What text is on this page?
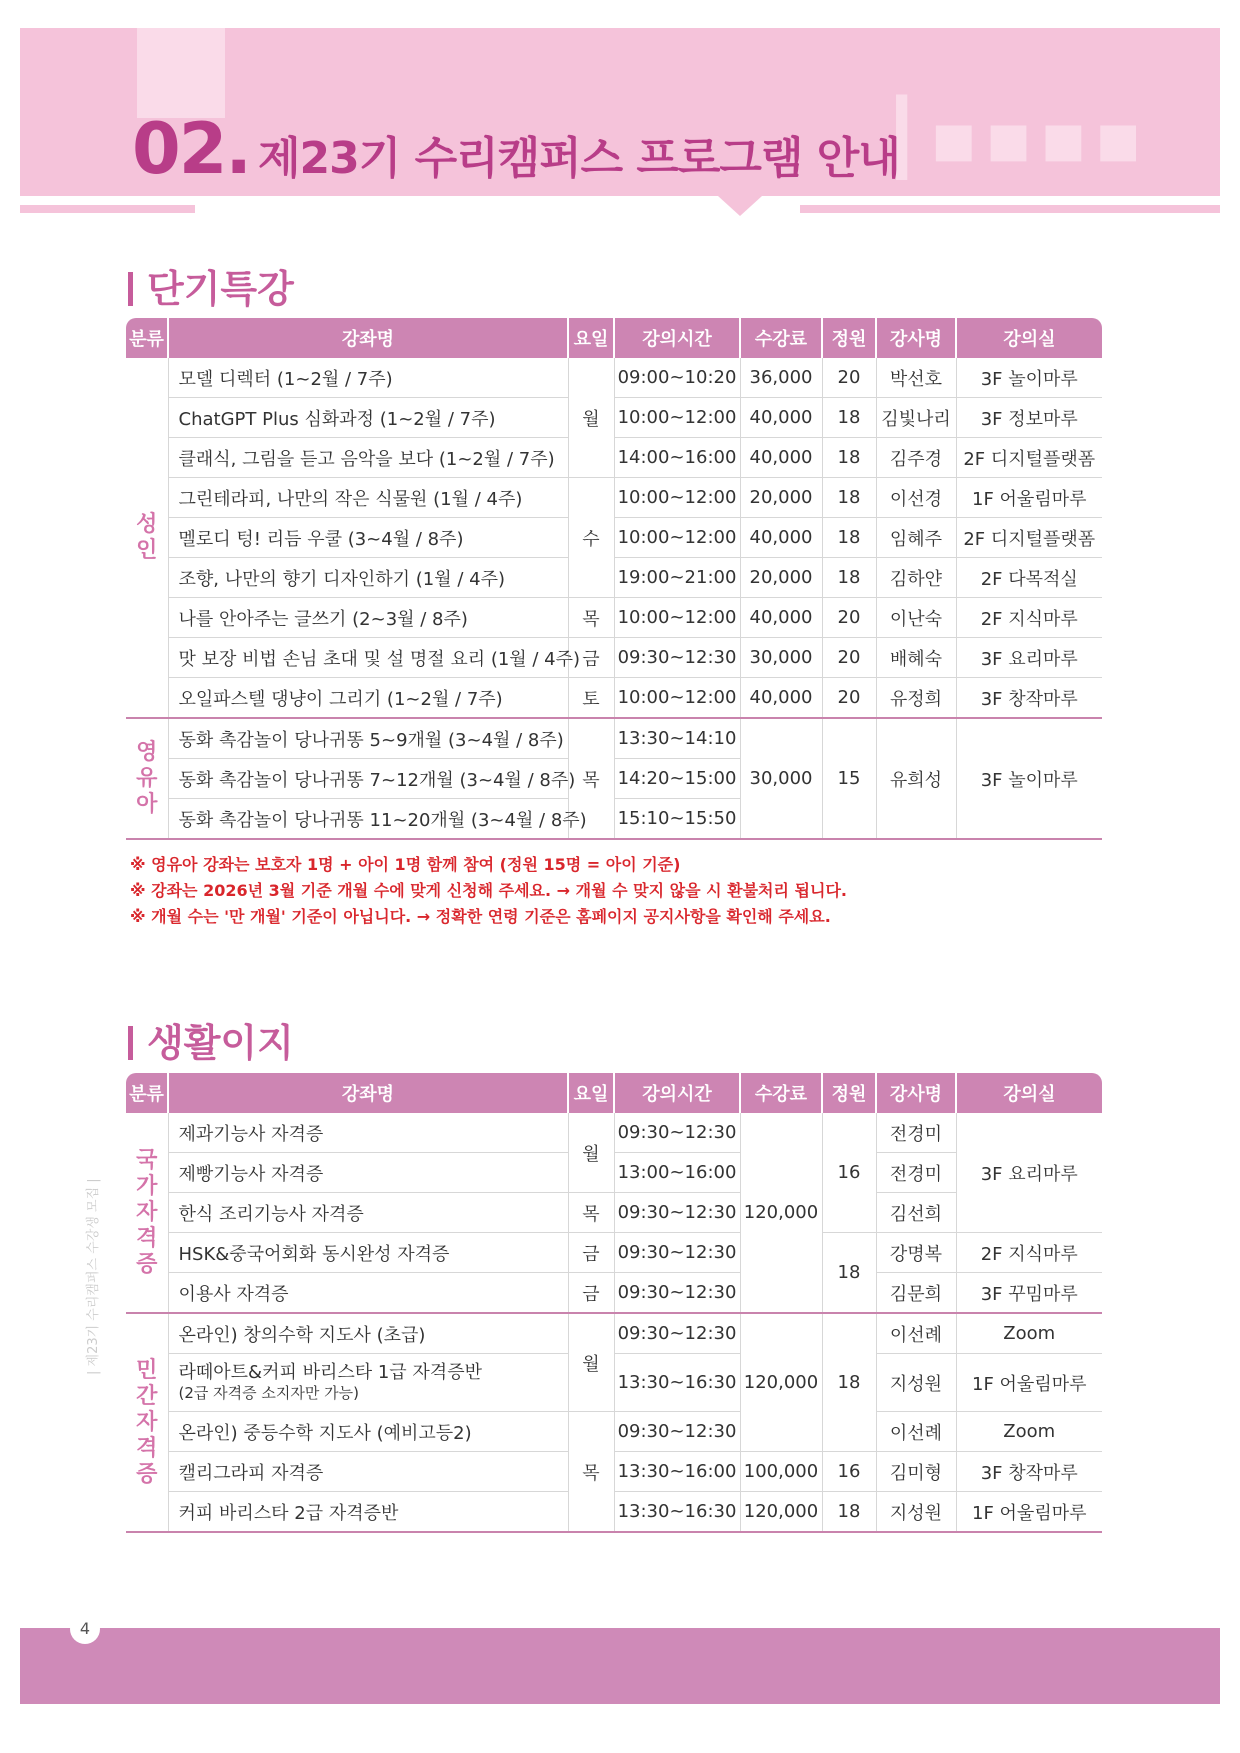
┃▪▪▪▪
02. 제23기 수리캠퍼스 프로그램 안내
단기특강
분류	강좌명	요일	강의시간	수강료	정원	강사명	강의실
성인	모델 디렉터 (1~2월 / 7주)	월	09:00~10:20	36,000	20	박선호	3F 놀이마루
	ChatGPT Plus 심화과정 (1~2월 / 7주)		10:00~12:00	40,000	18	김빛나리	3F 정보마루
	클래식, 그림을 듣고 음악을 보다 (1~2월 / 7주)		14:00~16:00	40,000	18	김주경	2F 디지털플랫폼
	그린테라피, 나만의 작은 식물원 (1월 / 4주)	수	10:00~12:00	20,000	18	이선경	1F 어울림마루
	멜로디 텅! 리듬 우쿨 (3~4월 / 8주)		10:00~12:00	40,000	18	임혜주	2F 디지털플랫폼
	조향, 나만의 향기 디자인하기 (1월 / 4주)		19:00~21:00	20,000	18	김하얀	2F 다목적실
	나를 안아주는 글쓰기 (2~3월 / 8주)	목	10:00~12:00	40,000	20	이난숙	2F 지식마루
	맛 보장 비법 손님 초대 및 설 명절 요리 (1월 / 4주)	금	09:30~12:30	30,000	20	배혜숙	3F 요리마루
	오일파스텔 댕냥이 그리기 (1~2월 / 7주)	토	10:00~12:00	40,000	20	유정희	3F 창작마루
영유아	동화 촉감놀이 당나귀똥 5~9개월 (3~4월 / 8주)	목	13:30~14:10	30,000	15	유희성	3F 놀이마루
	동화 촉감놀이 당나귀똥 7~12개월 (3~4월 / 8주)		14:20~15:00				
	동화 촉감놀이 당나귀똥 11~20개월 (3~4월 / 8주)		15:10~15:50				
※ 영유아 강좌는 보호자 1명 + 아이 1명 함께 참여 (정원 15명 = 아이 기준)
※ 강좌는 2026년 3월 기준 개월 수에 맞게 신청해 주세요. → 개월 수 맞지 않을 시 환불처리 됩니다.
※ 개월 수는 '만 개월' 기준이 아닙니다. → 정확한 연령 기준은 홈페이지 공지사항을 확인해 주세요.
생활이지
분류	강좌명	요일	강의시간	수강료	정원	강사명	강의실
국가자격증	제과기능사 자격증	월	09:30~12:30	120,000	16	전경미	3F 요리마루
	제빵기능사 자격증		13:00~16:00			전경미	
	한식 조리기능사 자격증	목	09:30~12:30			김선희	
	HSK&중국어회화 동시완성 자격증	금	09:30~12:30		18	강명복	2F 지식마루
	이용사 자격증	금	09:30~12:30			김문희	3F 꾸밈마루
민간자격증	온라인) 창의수학 지도사 (초급)	월	09:30~12:30	120,000	18	이선례	Zoom

	라떼아트&커피 바리스타 1급 자격증반
(2급 자격증 소지자만 가능)		13:30~16:30			지성원	1F 어울림마루
	온라인) 중등수학 지도사 (예비고등2)	목	09:30~12:30			이선례	Zoom
	캘리그라피 자격증		13:30~16:00	100,000	16	김미형	3F 창작마루
	커피 바리스타 2급 자격증반		13:30~16:30	120,000	18	지성원	1F 어울림마루
| 제23기 수리캠퍼스 수강생 모집 |
4
